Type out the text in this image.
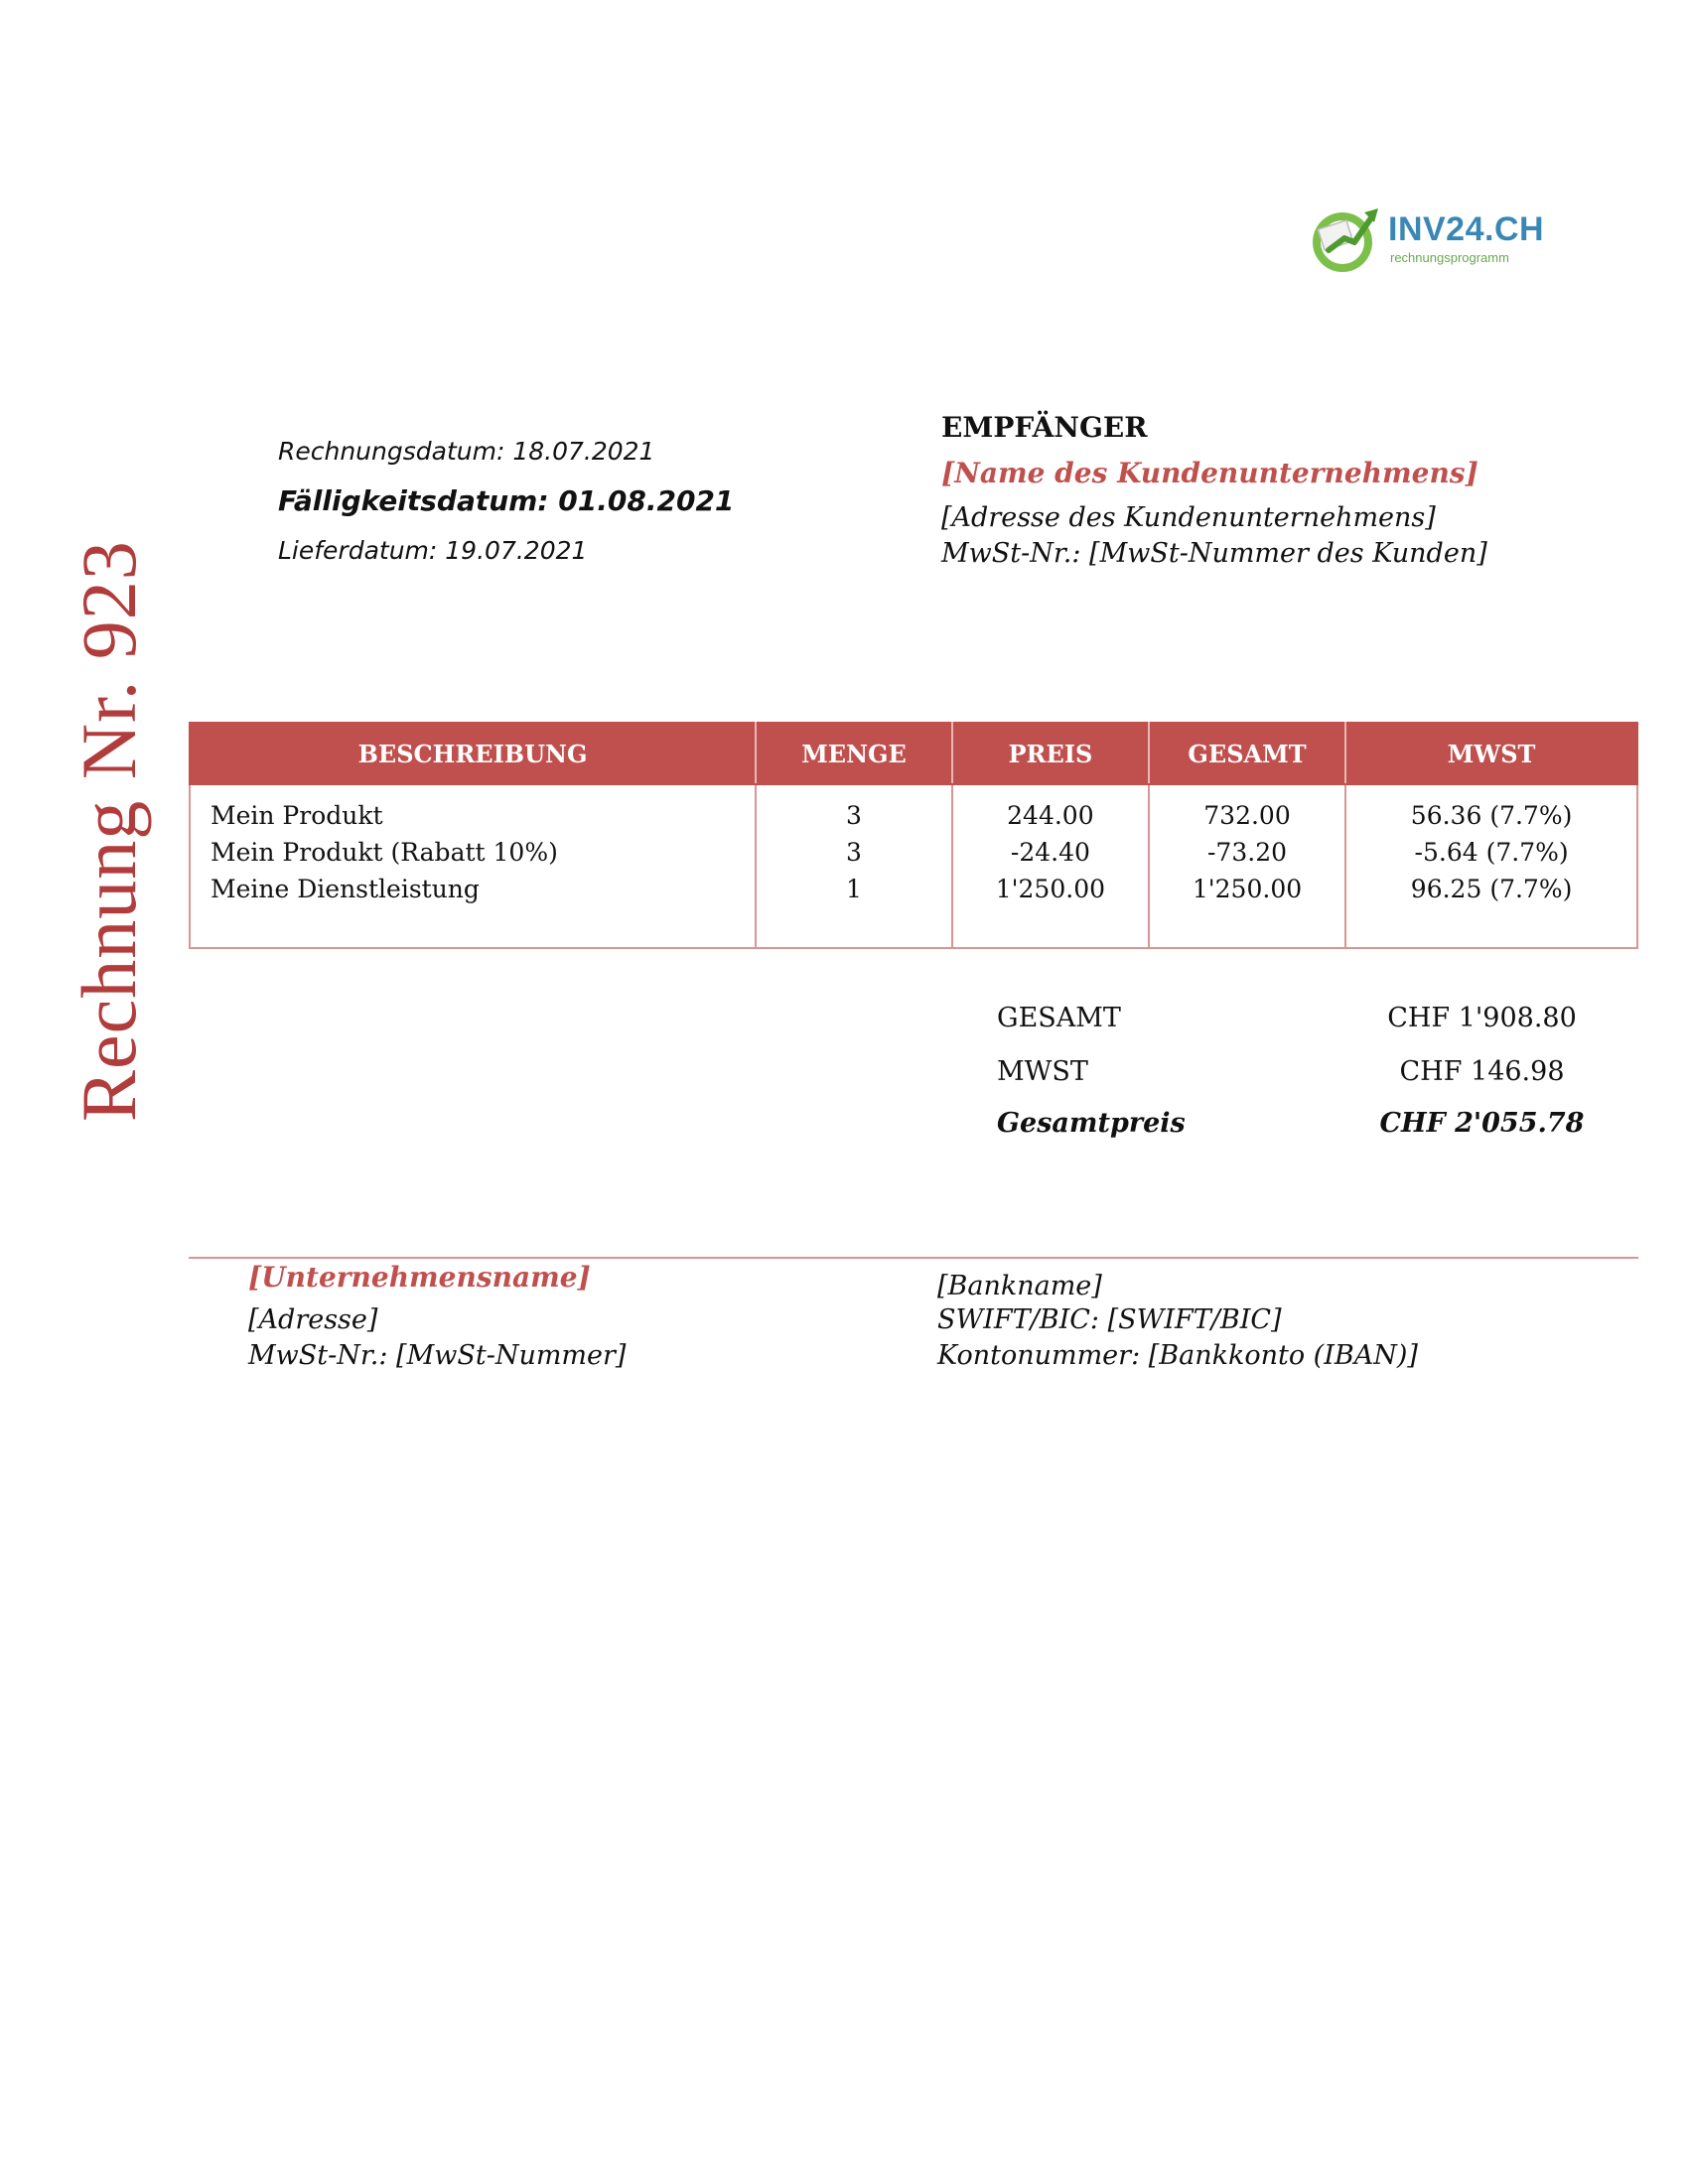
INV24.CH
rechnungsprogramm
Rechnung Nr. 923
Rechnungsdatum: 18.07.2021
Fälligkeitsdatum: 01.08.2021
Lieferdatum: 19.07.2021
EMPFÄNGER
[Name des Kundenunternehmens]
[Adresse des Kundenunternehmens]
MwSt-Nr.: [MwSt-Nummer des Kunden]
BESCHREIBUNG	MENGE	PREIS	GESAMT	MWST
Mein Produkt	3	244.00	732.00	56.36 (7.7%)
Mein Produkt (Rabatt 10%)	3	-24.40	-73.20	-5.64 (7.7%)
Meine Dienstleistung	1	1'250.00	1'250.00	96.25 (7.7%)

GESAMT	CHF 1'908.80
MWST	CHF 146.98
Gesamtpreis	CHF 2'055.78
[Unternehmensname]
[Adresse]
MwSt-Nr.: [MwSt-Nummer]
[Bankname]
SWIFT/BIC: [SWIFT/BIC]
Kontonummer: [Bankkonto (IBAN)]
